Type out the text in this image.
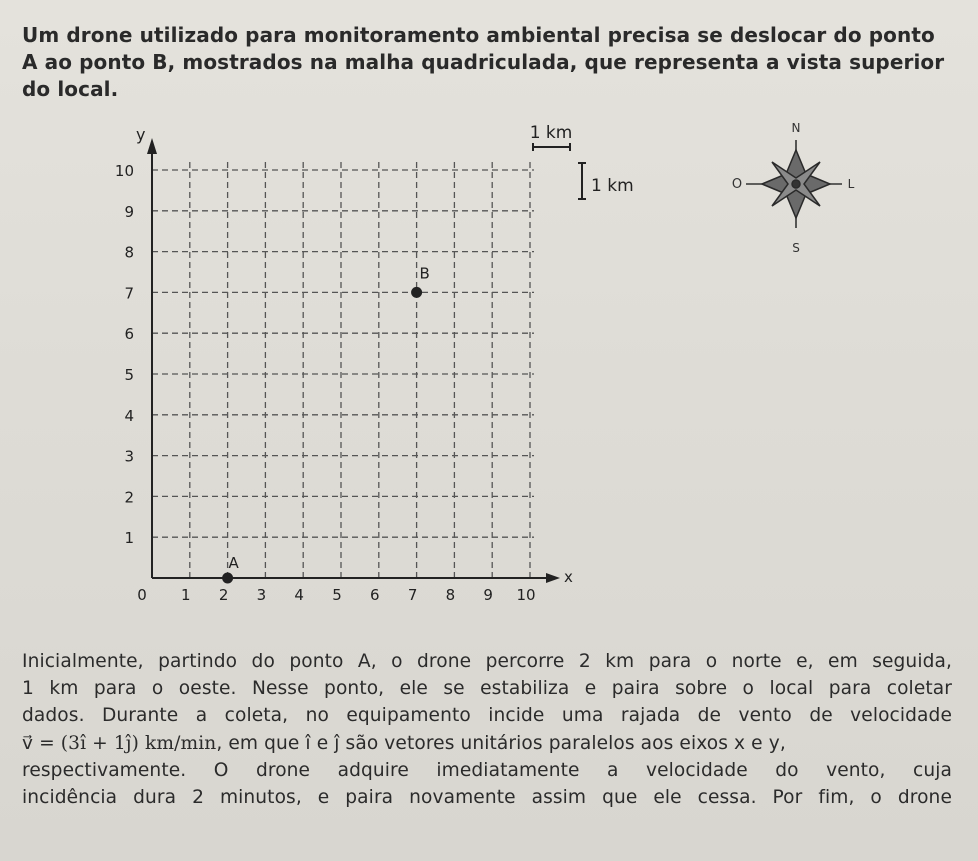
Um drone utilizado para monitoramento ambiental precisa se deslocar do ponto A ao ponto B, mostrados na malha quadriculada, que representa a vista superior do local.

x
y
0 1 2 3 4 5 6 7 8 9 10
1
2
3
4
5
6
7
8
9
10
A
B
1 km
1 km
N
S
O	L
Inicialmente, partindo do ponto A, o drone percorre 2 km para o norte e, em seguida,
1 km para o oeste. Nesse ponto, ele se estabiliza e paira sobre o local para coletar
dados. Durante a coleta, no equipamento incide uma rajada de vento de velocidade
v⃗ = (3î + 1ĵ) km/min, em que î e ĵ são vetores unitários paralelos aos eixos x e y,
respectivamente. O drone adquire imediatamente a velocidade do vento, cuja
incidência dura 2 minutos, e paira novamente assim que ele cessa. Por fim, o drone
